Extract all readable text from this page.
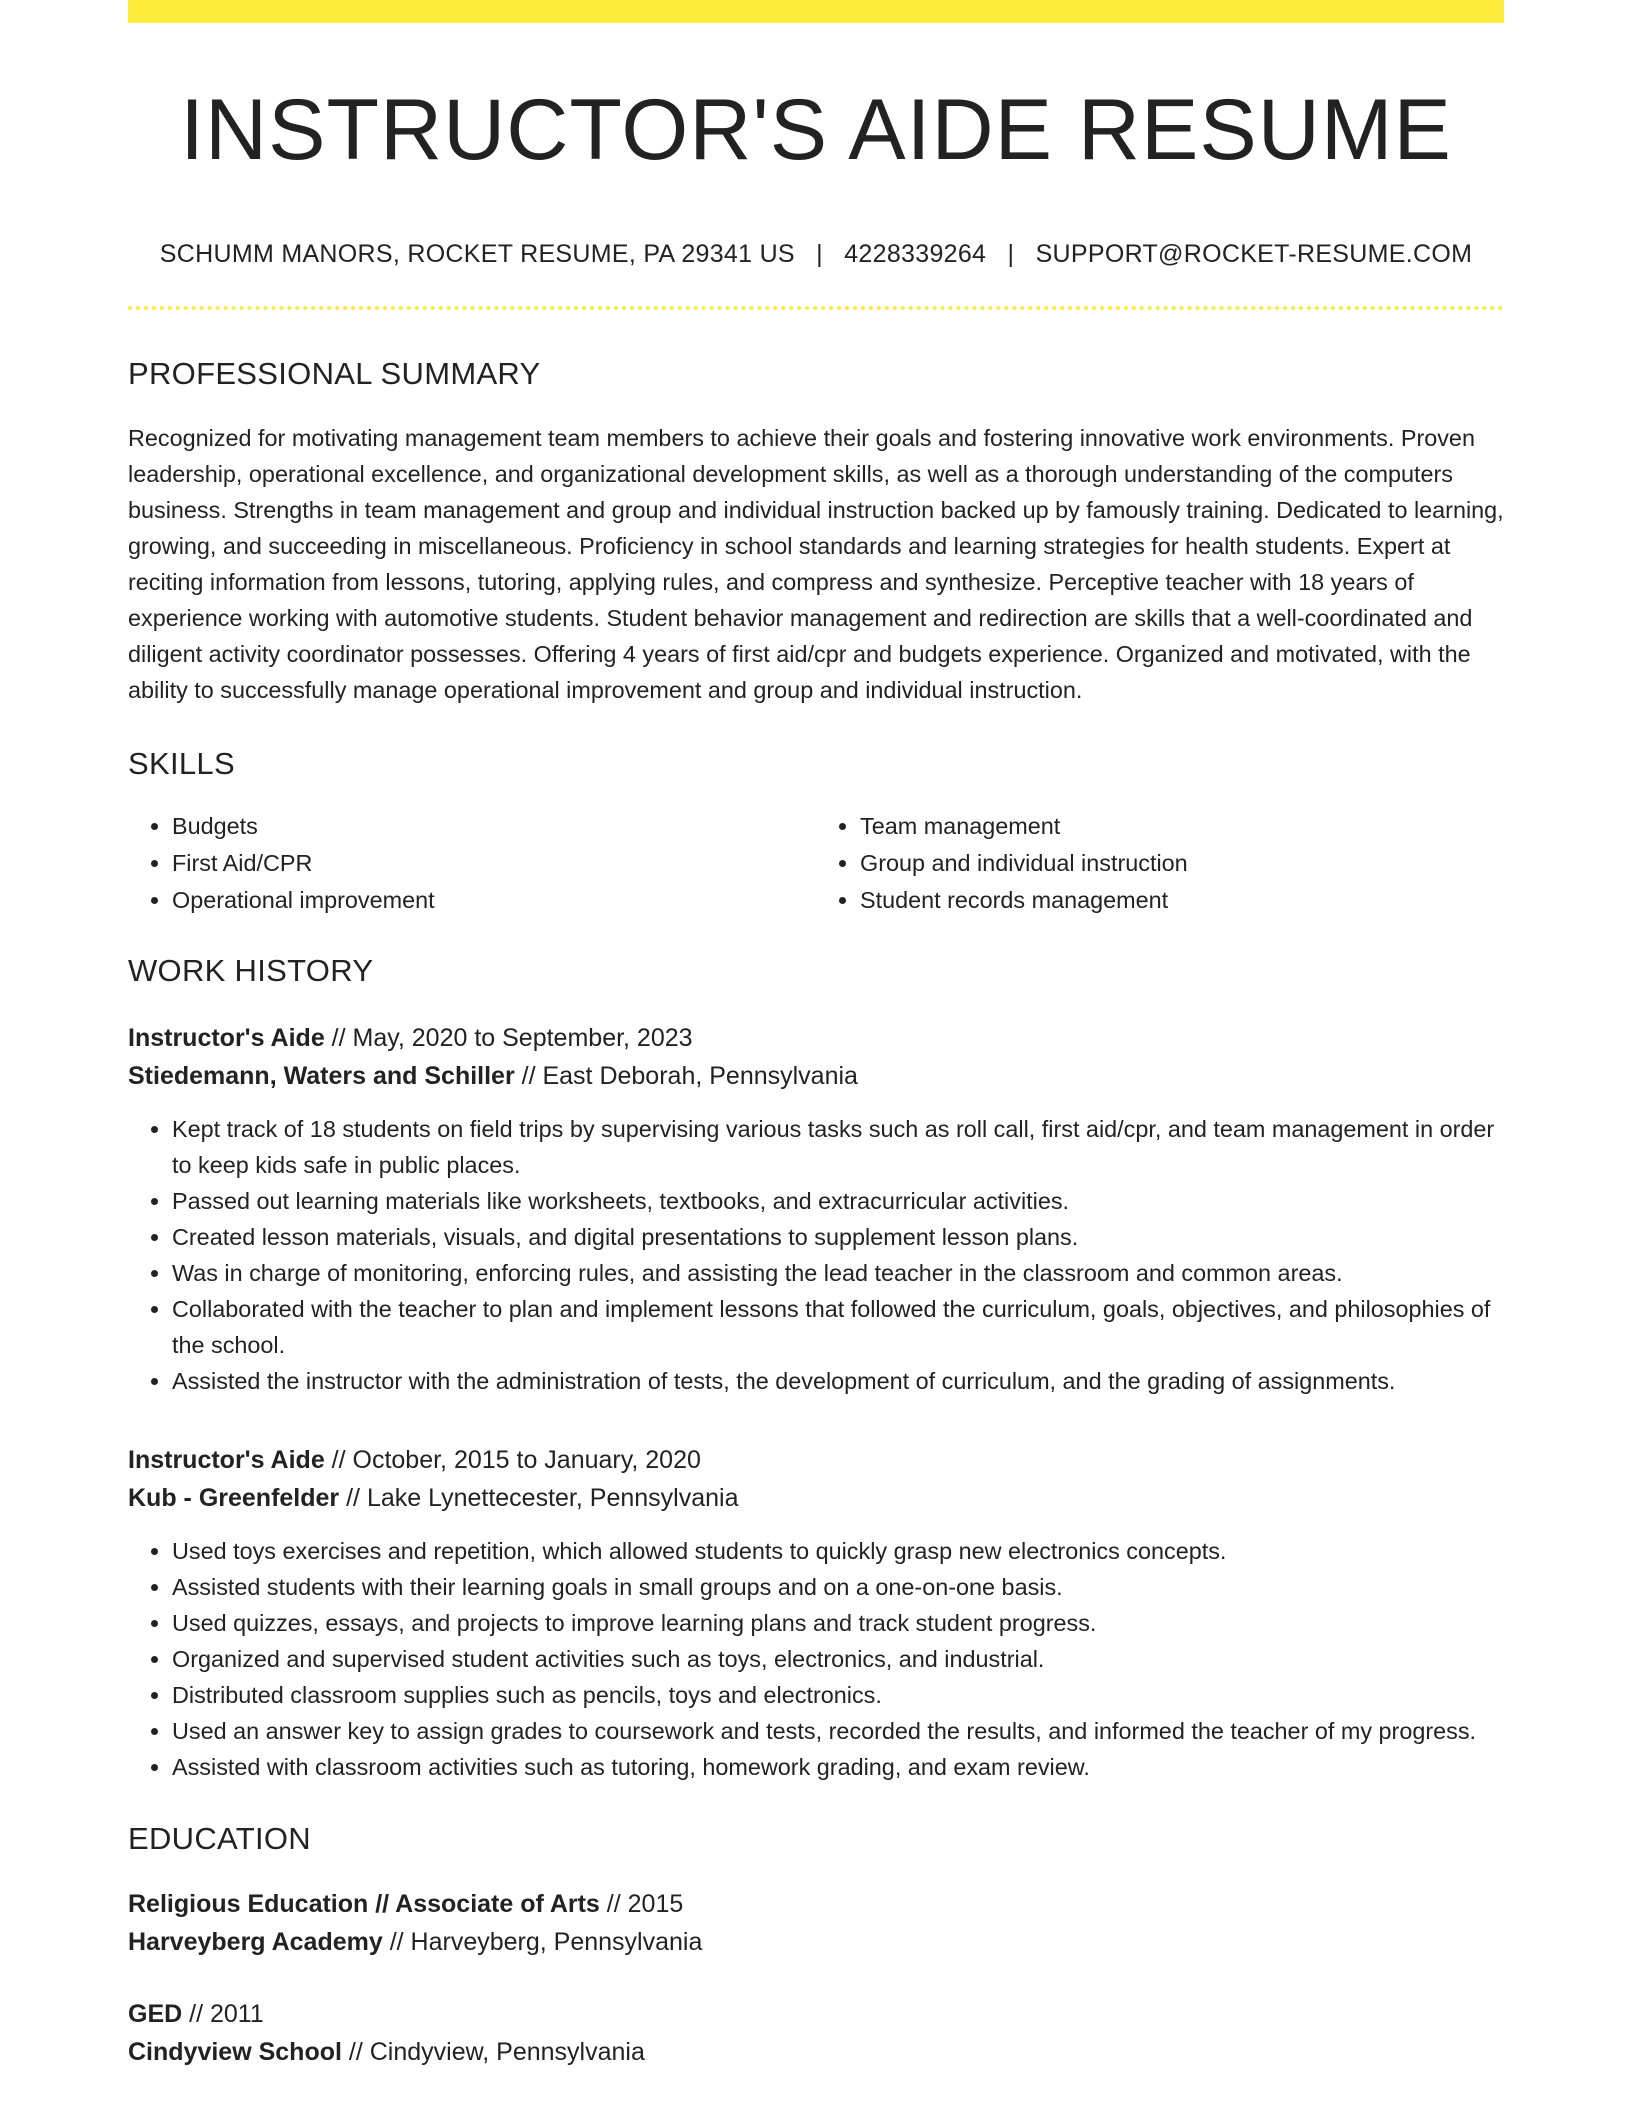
INSTRUCTOR'S AIDE RESUME
SCHUMM MANORS, ROCKET RESUME, PA 29341 US | 4228339264 | SUPPORT@ROCKET-RESUME.COM
PROFESSIONAL SUMMARY

Recognized for motivating management team members to achieve their goals and fostering innovative work environments. Proven leadership, operational excellence, and organizational development skills, as well as a thorough understanding of the computers business. Strengths in team management and group and individual instruction backed up by famously training. Dedicated to learning, growing, and succeeding in miscellaneous. Proficiency in school standards and learning strategies for health students. Expert at reciting information from lessons, tutoring, applying rules, and compress and synthesize. Perceptive teacher with 18 years of experience working with automotive students. Student behavior management and redirection are skills that a well-coordinated and diligent activity coordinator possesses. Offering 4 years of first aid/cpr and budgets experience. Organized and motivated, with the ability to successfully manage operational improvement and group and individual instruction.

SKILLS
• Budgets
• First Aid/CPR
• Operational improvement
• Team management
• Group and individual instruction
• Student records management
WORK HISTORY
Instructor's Aide // May, 2020 to September, 2023
Stiedemann, Waters and Schiller // East Deborah, Pennsylvania
• Kept track of 18 students on field trips by supervising various tasks such as roll call, first aid/cpr, and team management in order to keep kids safe in public places.
• Passed out learning materials like worksheets, textbooks, and extracurricular activities.
• Created lesson materials, visuals, and digital presentations to supplement lesson plans.
• Was in charge of monitoring, enforcing rules, and assisting the lead teacher in the classroom and common areas.
• Collaborated with the teacher to plan and implement lessons that followed the curriculum, goals, objectives, and philosophies of the school.
• Assisted the instructor with the administration of tests, the development of curriculum, and the grading of assignments.
Instructor's Aide // October, 2015 to January, 2020
Kub - Greenfelder // Lake Lynettecester, Pennsylvania
• Used toys exercises and repetition, which allowed students to quickly grasp new electronics concepts.
• Assisted students with their learning goals in small groups and on a one-on-one basis.
• Used quizzes, essays, and projects to improve learning plans and track student progress.
• Organized and supervised student activities such as toys, electronics, and industrial.
• Distributed classroom supplies such as pencils, toys and electronics.
• Used an answer key to assign grades to coursework and tests, recorded the results, and informed the teacher of my progress.
• Assisted with classroom activities such as tutoring, homework grading, and exam review.
EDUCATION
Religious Education // Associate of Arts // 2015
Harveyberg Academy // Harveyberg, Pennsylvania
GED // 2011
Cindyview School // Cindyview, Pennsylvania
